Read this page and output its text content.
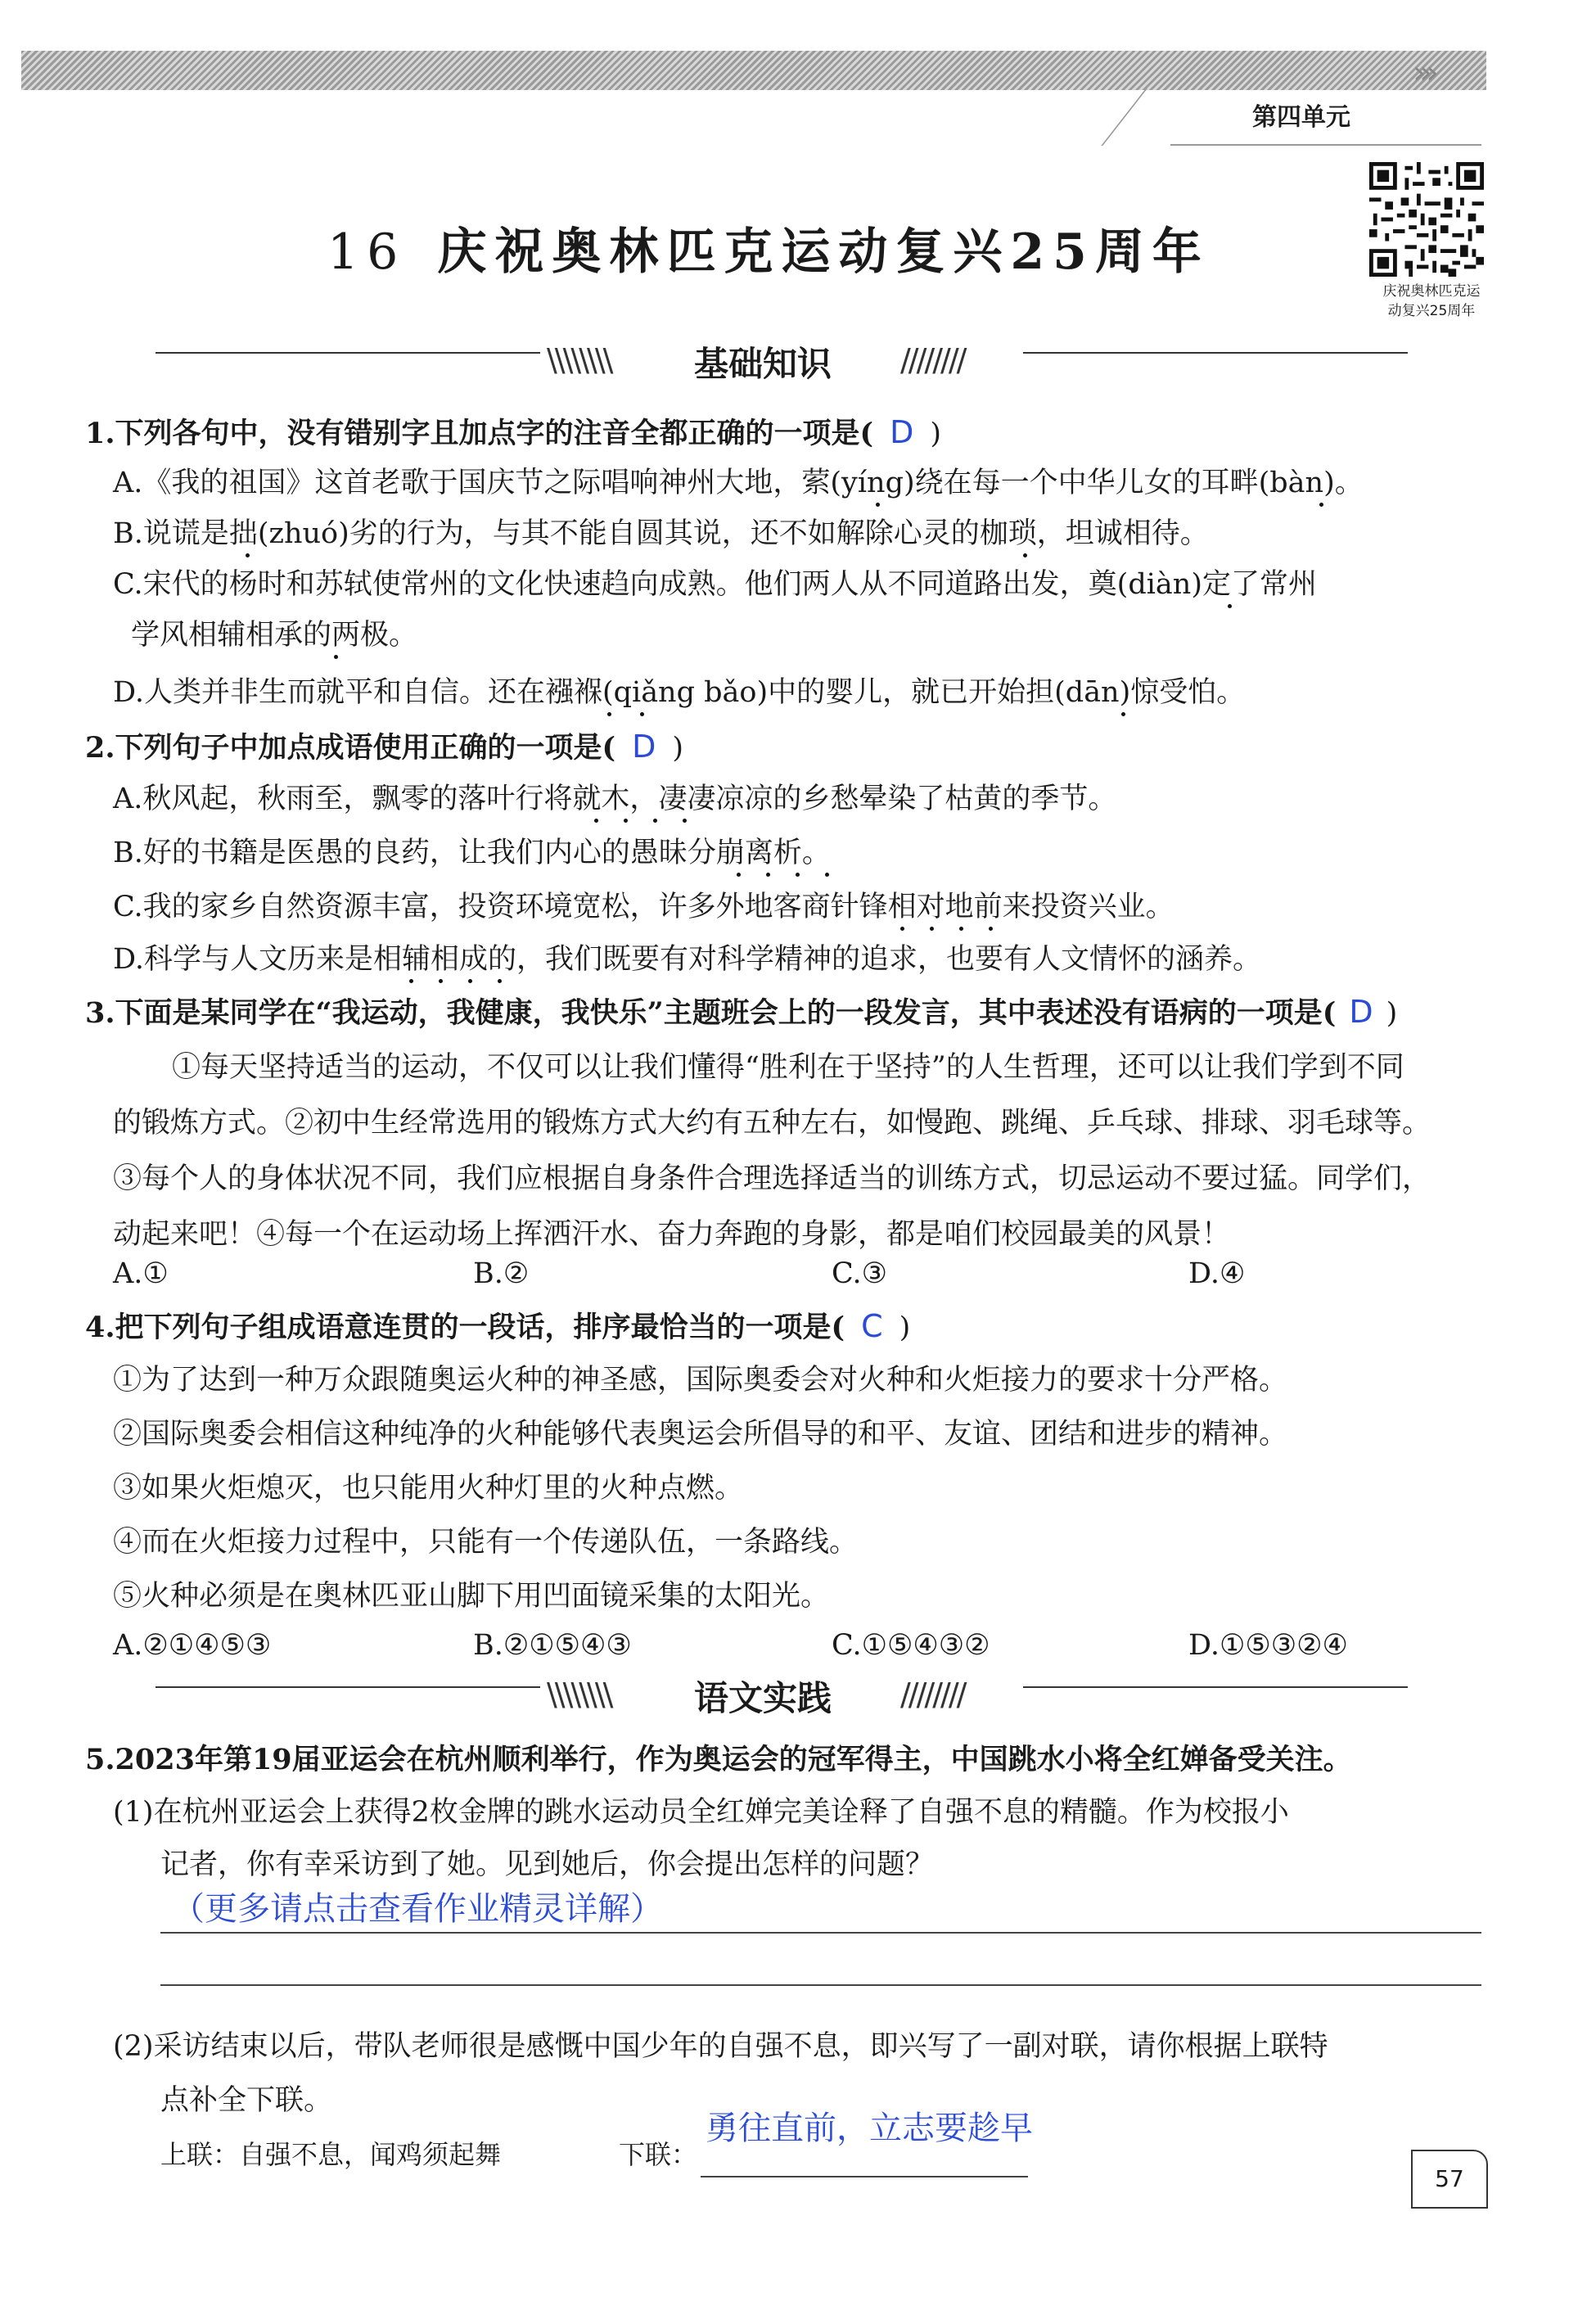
›››
第四单元
16 庆祝奥林匹克运动复兴25周年
庆祝奥林匹克运
动复兴25周年
\\\\\\\\ 基础知识 ////////
1.下列各句中，没有错别字且加点字的注音全都正确的一项是( D )
A.《我的祖国》这首老歌于国庆节之际唱响神州大地，萦(yíng)绕在每一个中华儿女的耳畔(bàn)。
B.说谎是拙(zhuó)劣的行为，与其不能自圆其说，还不如解除心灵的枷琐，坦诚相待。
C.宋代的杨时和苏轼使常州的文化快速趋向成熟。他们两人从不同道路出发，奠(diàn)定了常州
学风相辅相承的两极。
D.人类并非生而就平和自信。还在襁褓(qiǎng bǎo)中的婴儿，就已开始担(dān)惊受怕。
2.下列句子中加点成语使用正确的一项是( D )
A.秋风起，秋雨至，飘零的落叶行将就木，凄凄凉凉的乡愁晕染了枯黄的季节。
B.好的书籍是医愚的良药，让我们内心的愚昧分崩离析。
C.我的家乡自然资源丰富，投资环境宽松，许多外地客商针锋相对地前来投资兴业。
D.科学与人文历来是相辅相成的，我们既要有对科学精神的追求，也要有人文情怀的涵养。
3.下面是某同学在“我运动，我健康，我快乐”主题班会上的一段发言，其中表述没有语病的一项是( D )
①每天坚持适当的运动，不仅可以让我们懂得“胜利在于坚持”的人生哲理，还可以让我们学到不同
的锻炼方式。②初中生经常选用的锻炼方式大约有五种左右，如慢跑、跳绳、乒乓球、排球、羽毛球等。
③每个人的身体状况不同，我们应根据自身条件合理选择适当的训练方式，切忌运动不要过猛。同学们，
动起来吧！④每一个在运动场上挥洒汗水、奋力奔跑的身影，都是咱们校园最美的风景！
A.①	B.②	C.③	D.④
4.把下列句子组成语意连贯的一段话，排序最恰当的一项是( C )
①为了达到一种万众跟随奥运火种的神圣感，国际奥委会对火种和火炬接力的要求十分严格。
②国际奥委会相信这种纯净的火种能够代表奥运会所倡导的和平、友谊、团结和进步的精神。
③如果火炬熄灭，也只能用火种灯里的火种点燃。
④而在火炬接力过程中，只能有一个传递队伍，一条路线。
⑤火种必须是在奥林匹亚山脚下用凹面镜采集的太阳光。
A.②①④⑤③	B.②①⑤④③	C.①⑤④③②	D.①⑤③②④
\\\\\\\\ 语文实践 ////////
5.2023年第19届亚运会在杭州顺利举行，作为奥运会的冠军得主，中国跳水小将全红婵备受关注。
(1)在杭州亚运会上获得2枚金牌的跳水运动员全红婵完美诠释了自强不息的精髓。作为校报小
记者，你有幸采访到了她。见到她后，你会提出怎样的问题？
（更多请点击查看作业精灵详解）
(2)采访结束以后，带队老师很是感慨中国少年的自强不息，即兴写了一副对联，请你根据上联特
点补全下联。
上联：自强不息，闻鸡须起舞	下联：
勇往直前，立志要趁早
57
